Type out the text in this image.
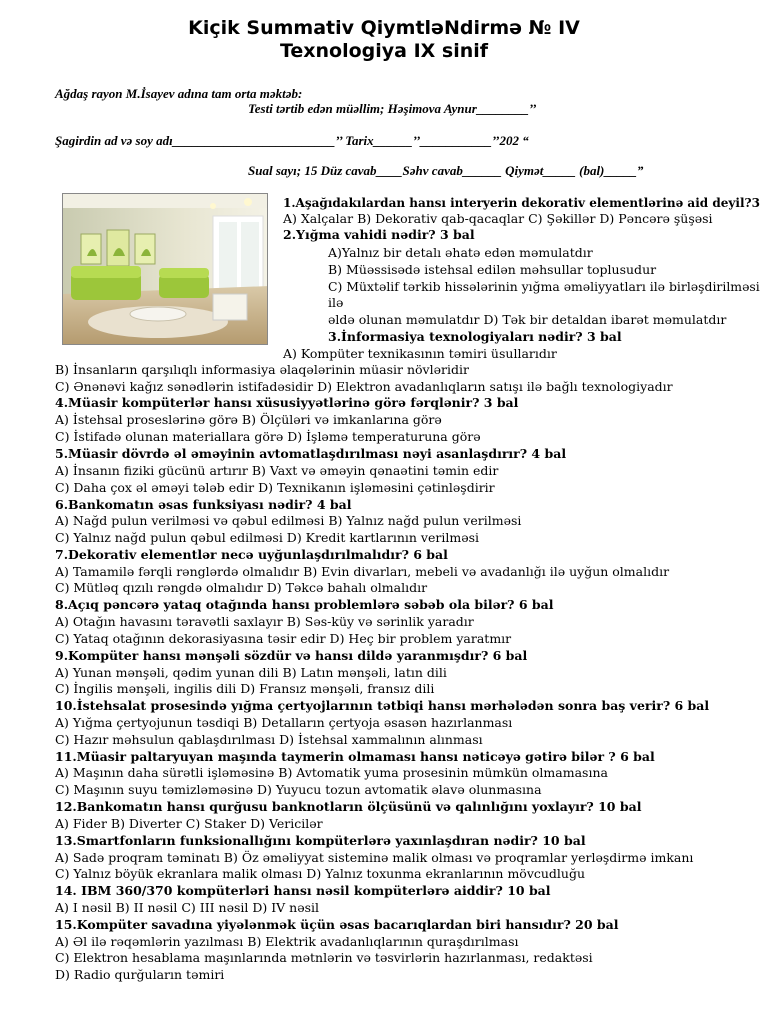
Kiçik Summativ QiymtləNdirmə № IV
Texnologiya IX sinif
Ağdaş rayon M.İsayev adına tam orta məktəb:
Testi tərtib edən müəllim; Həşimova Aynur________’’
Şagirdin ad və soy adı_________________________’’ Tarix______’’___________’’202 “
Sual sayı; 15 Düz cavab____Səhv cavab______ Qiymət_____ (bal)_____”
1.Aşağıdakılardan hansı interyerin dekorativ elementlərinə aid deyil?3
A) Xalçalar B) Dekorativ qab-qacaqlar C) Şəkillər D) Pəncərə şüşəsi
2.Yığma vahidi nədir? 3 bal
A)Yalnız bir detalı əhatə edən məmulatdır
B) Müəssisədə istehsal edilən məhsullar toplusudur
C) Müxtəlif tərkib hissələrinin yığma əməliyyatları ilə birləşdirilməsi
ilə
əldə olunan məmulatdır D) Tək bir detaldan ibarət məmulatdır
3.İnformasiya texnologiyaları nədir? 3 bal
A) Kompüter texnikasının təmiri üsullarıdır
B) İnsanların qarşılıqlı informasiya əlaqələrinin müasir növləridir
C) Ənənəvi kağız sənədlərin istifadəsidir D) Elektron avadanlıqların satışı ilə bağlı texnologiyadır
4.Müasir kompüterlər hansı xüsusiyyətlərinə görə fərqlənir? 3 bal
A) İstehsal proseslərinə görə B) Ölçüləri və imkanlarına görə
C) İstifadə olunan materiallara görə D) İşləmə temperaturuna görə
5.Müasir dövrdə əl əməyinin avtomatlaşdırılması nəyi asanlaşdırır? 4 bal
A) İnsanın fiziki gücünü artırır B) Vaxt və əməyin qənaətini təmin edir
C) Daha çox əl əməyi tələb edir D) Texnikanın işləməsini çətinləşdirir
6.Bankomatın əsas funksiyası nədir? 4 bal
A) Nağd pulun verilməsi və qəbul edilməsi B) Yalnız nağd pulun verilməsi
C) Yalnız nağd pulun qəbul edilməsi D) Kredit kartlarının verilməsi
7.Dekorativ elementlər necə uyğunlaşdırılmalıdır? 6 bal
A) Tamamilə fərqli rənglərdə olmalıdır B) Evin divarları, mebeli və avadanlığı ilə uyğun olmalıdır
C) Mütləq qızılı rəngdə olmalıdır D) Təkcə bahalı olmalıdır
8.Açıq pəncərə yataq otağında hansı problemlərə səbəb ola bilər? 6 bal
A) Otağın havasını təravətli saxlayır B) Səs-küy və sərinlik yaradır
C) Yataq otağının dekorasiyasına təsir edir D) Heç bir problem yaratmır
9.Kompüter hansı mənşəli sözdür və hansı dildə yaranmışdır? 6 bal
A) Yunan mənşəli, qədim yunan dili B) Latın mənşəli, latın dili
C) İngilis mənşəli, ingilis dili D) Fransız mənşəli, fransız dili
10.İstehsalat prosesində yığma çertyojlarının tətbiqi hansı mərhələdən sonra baş verir? 6 bal
A) Yığma çertyojunun təsdiqi B) Detalların çertyoja əsasən hazırlanması
C) Hazır məhsulun qablaşdırılması D) İstehsal xammalının alınması
11.Müasir paltaryuyan maşında taymerin olmaması hansı nəticəyə gətirə bilər ? 6 bal
A) Maşının daha sürətli işləməsinə B) Avtomatik yuma prosesinin mümkün olmamasına
C) Maşının suyu təmizləməsinə D) Yuyucu tozun avtomatik əlavə olunmasına
12.Bankomatın hansı qurğusu banknotların ölçüsünü və qalınlığını yoxlayır? 10 bal
A) Fider B) Diverter C) Staker D) Vericilər
13.Smartfonların funksionallığını kompüterlərə yaxınlaşdıran nədir? 10 bal
A) Sadə proqram təminatı B) Öz əməliyyat sisteminə malik olması və proqramlar yerləşdirmə imkanı
C) Yalnız böyük ekranlara malik olması D) Yalnız toxunma ekranlarının mövcudluğu
14. IBM 360/370 kompüterləri hansı nəsil kompüterlərə aiddir? 10 bal
A) I nəsil B) II nəsil C) III nəsil D) IV nəsil
15.Kompüter savadına yiyələnmək üçün əsas bacarıqlardan biri hansıdır? 20 bal
A) Əl ilə rəqəmlərin yazılması B) Elektrik avadanlıqlarının quraşdırılması
C) Elektron hesablama maşınlarında mətnlərin və təsvirlərin hazırlanması, redaktəsi
D) Radio qurğuların təmiri
